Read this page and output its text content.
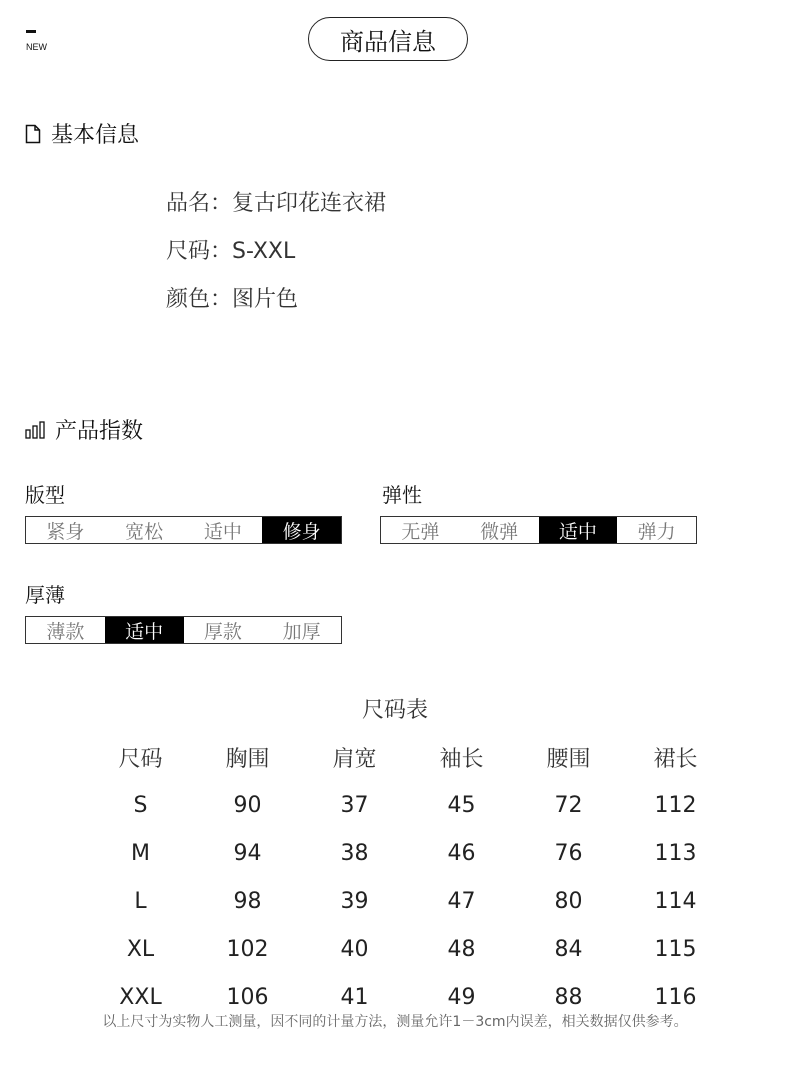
NEW	商品信息
基本信息
品名：复古印花连衣裙
尺码：S-XXL
颜色：图片色
产品指数
版型
紧身	宽松	适中	修身
弹性
无弹	微弹	适中	弹力
厚薄
薄款	适中	厚款	加厚
尺码表
尺码	胸围	肩宽	袖长	腰围	裙长
S	90	37	45	72	112
M	94	38	46	76	113
L	98	39	47	80	114
XL	102	40	48	84	115
XXL	106	41	49	88	116
以上尺寸为实物人工测量，因不同的计量方法，测量允许1－3cm内误差，相关数据仅供参考。
